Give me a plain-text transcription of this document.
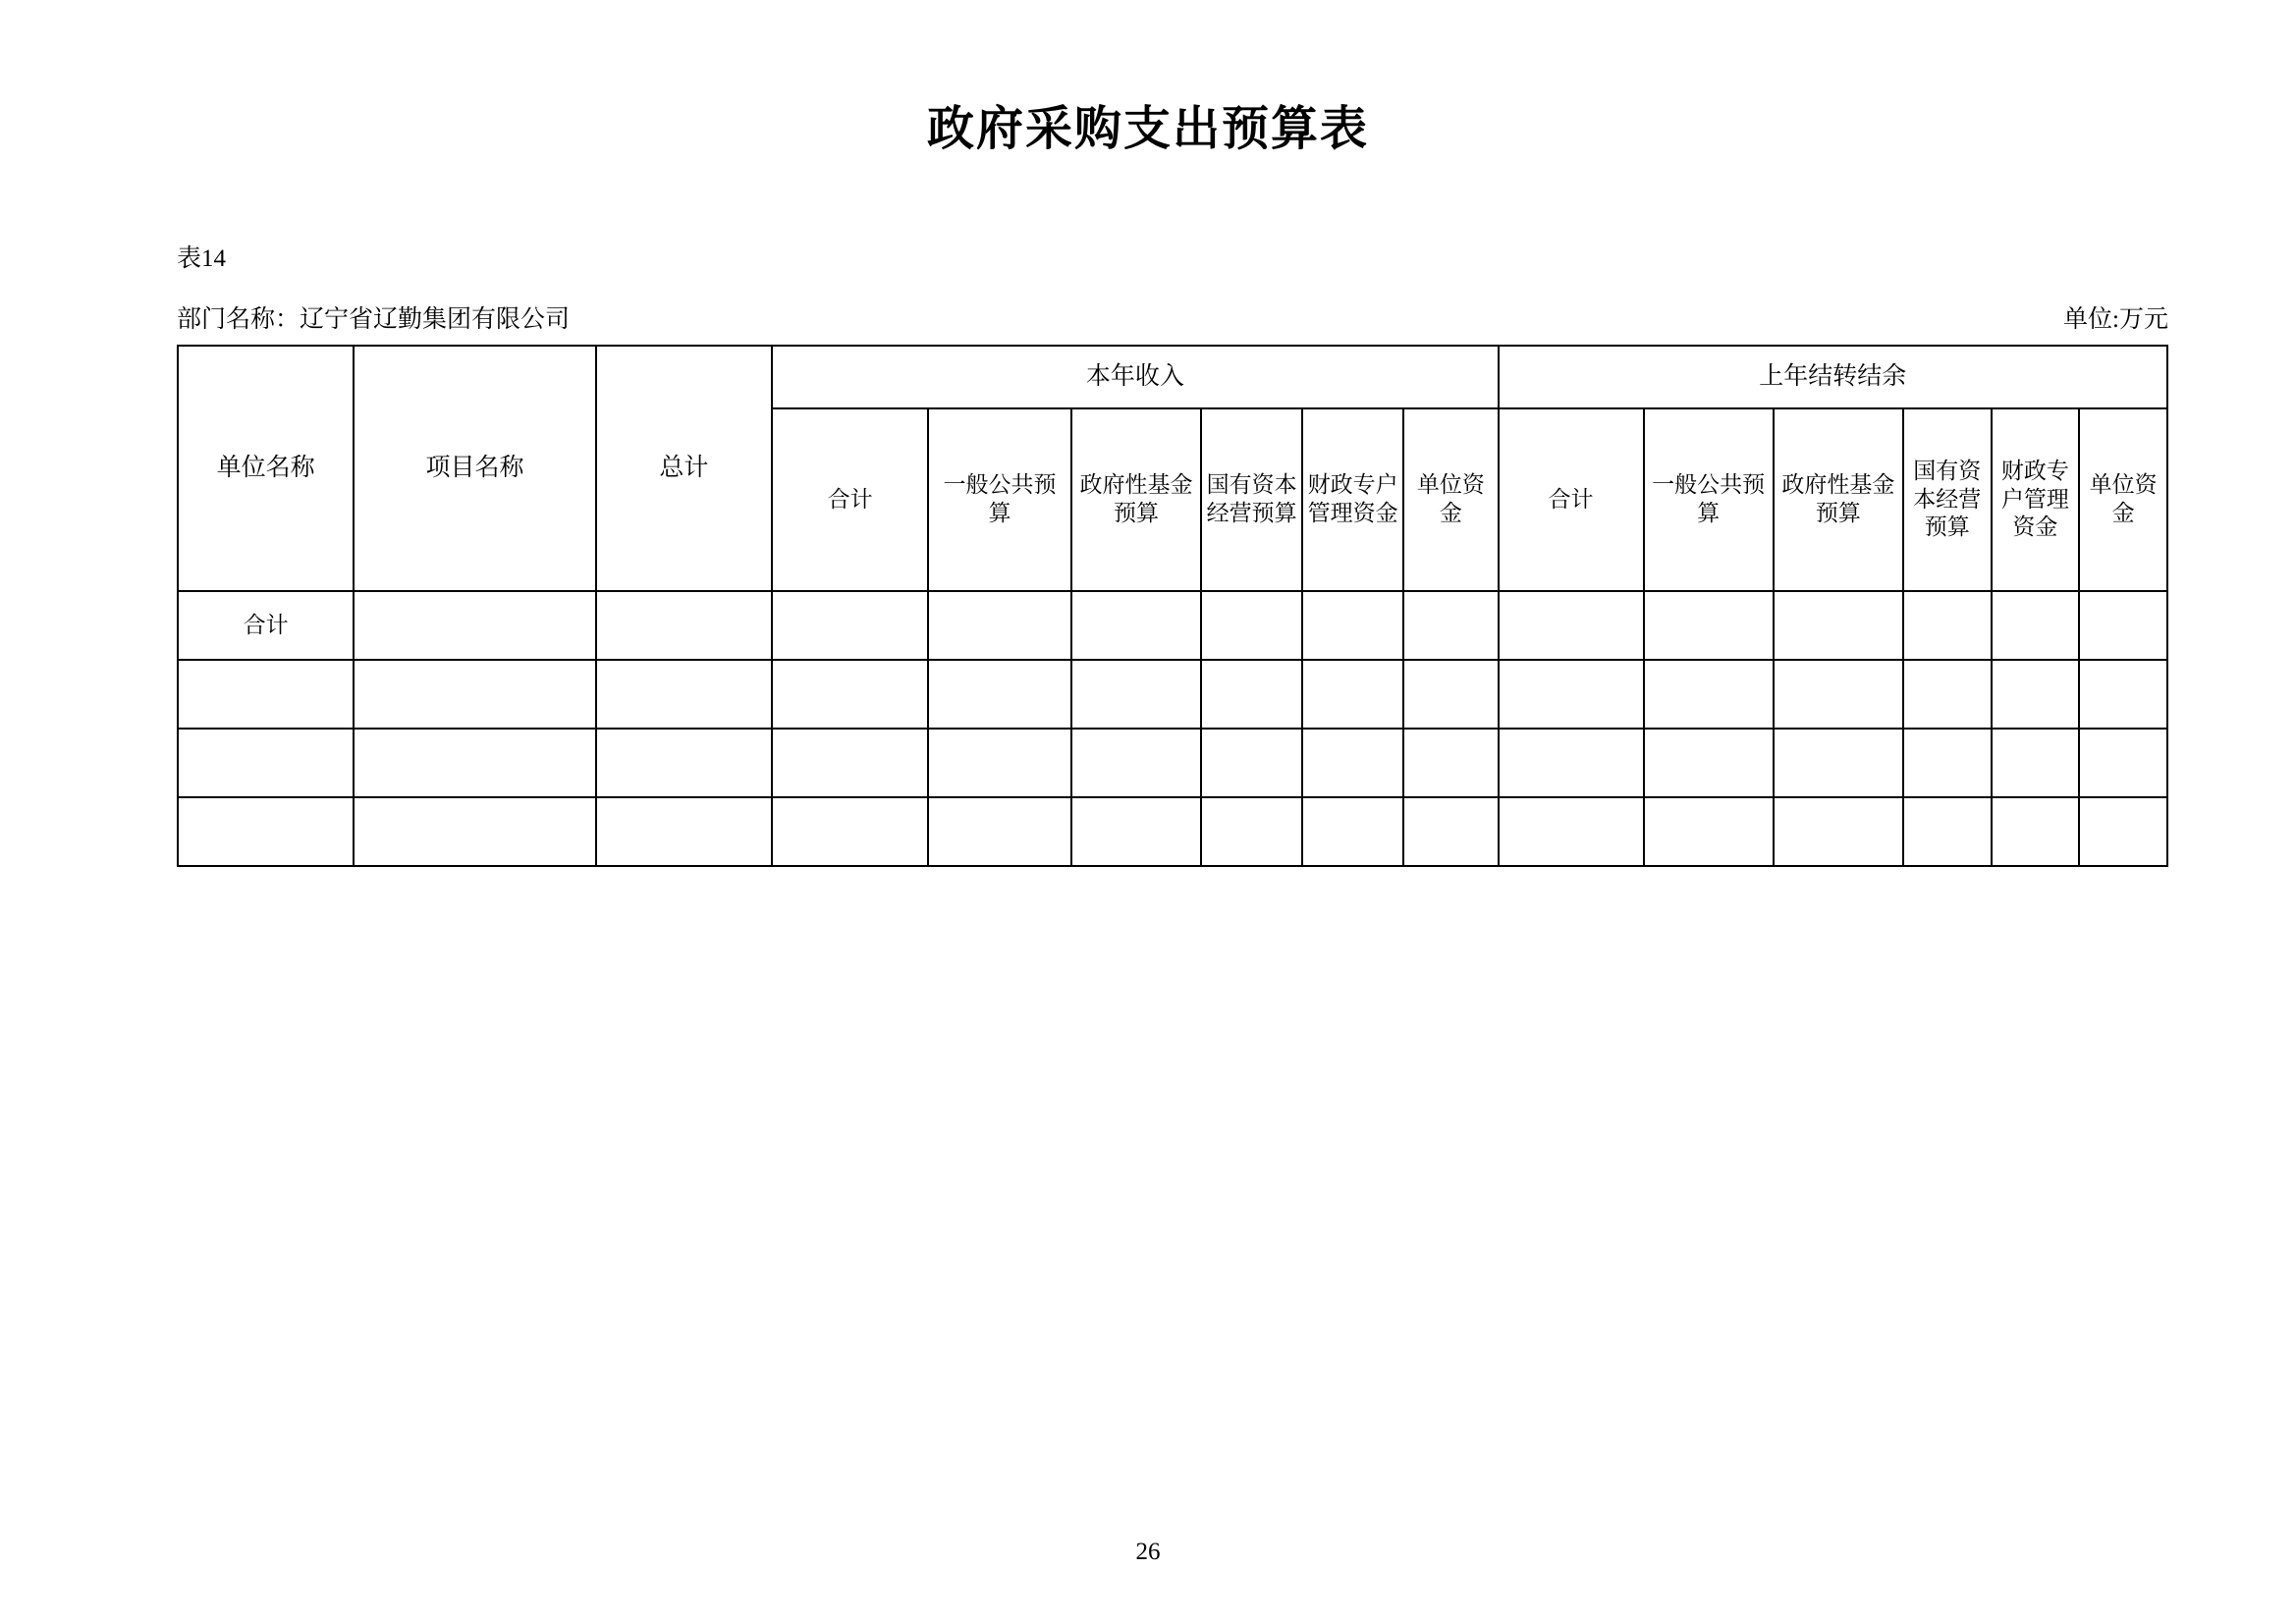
政府采购支出预算表
表14
部门名称：辽宁省辽勤集团有限公司	单位:万元
单位名称	项目名称	总计	本年收入						上年结转结余					
			合计	一般公共预算	政府性基金预算	国有资本经营预算	财政专户管理资金	单位资金	合计	一般公共预算	政府性基金预算	国有资本经营预算	财政专户管理资金	单位资金
合计														

26
